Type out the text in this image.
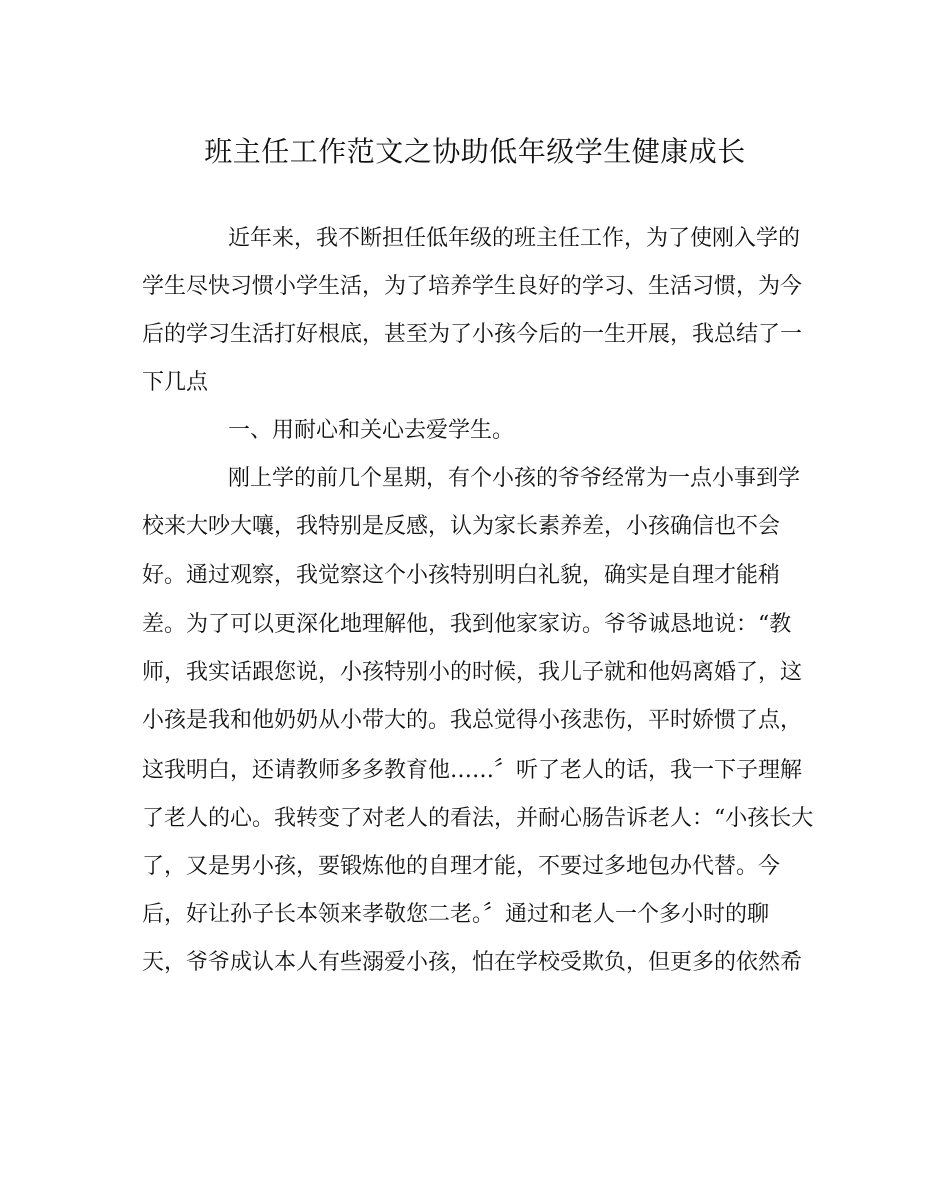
班主任工作范文之协助低年级学生健康成长

近年来，我不断担任低年级的班主任工作，为了使刚入学的

学生尽快习惯小学生活，为了培养学生良好的学习、生活习惯，为今

后的学习生活打好根底，甚至为了小孩今后的一生开展，我总结了一

下几点

一、用耐心和关心去爱学生。

刚上学的前几个星期，有个小孩的爷爷经常为一点小事到学

校来大吵大嚷，我特别是反感，认为家长素养差，小孩确信也不会

好。通过观察，我觉察这个小孩特别明白礼貌，确实是自理才能稍

差。为了可以更深化地理解他，我到他家家访。爷爷诚恳地说：“教

师，我实话跟您说，小孩特别小的时候，我儿子就和他妈离婚了，这

小孩是我和他奶奶从小带大的。我总觉得小孩悲伤，平时娇惯了点，

这我明白，还请教师多多教育他……〞听了老人的话，我一下子理解

了老人的心。我转变了对老人的看法，并耐心肠告诉老人：“小孩长大

了，又是男小孩，要锻炼他的自理才能，不要过多地包办代替。今

后，好让孙子长本领来孝敬您二老。〞通过和老人一个多小时的聊

天，爷爷成认本人有些溺爱小孩，怕在学校受欺负，但更多的依然希
